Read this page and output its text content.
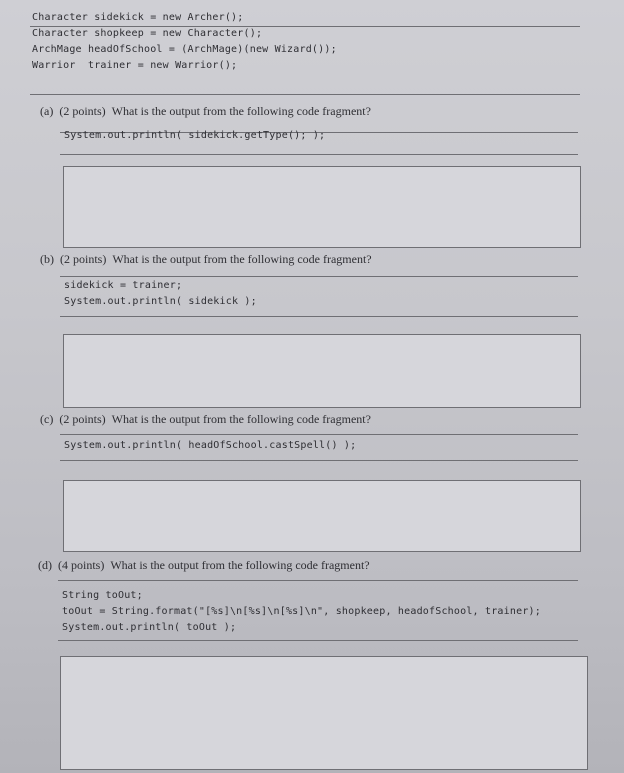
Character sidekick = new Archer();
Character shopkeep = new Character();
ArchMage headOfSchool = (ArchMage)(new Wizard());
Warrior  trainer = new Warrior();
(a) (2 points) What is the output from the following code fragment?
System.out.println( sidekick.getType(); );
(b) (2 points) What is the output from the following code fragment?
sidekick = trainer;
System.out.println( sidekick );
(c) (2 points) What is the output from the following code fragment?
System.out.println( headOfSchool.castSpell() );
(d) (4 points) What is the output from the following code fragment?
String toOut;
toOut = String.format("[%s]\n[%s]\n[%s]\n", shopkeep, headofSchool, trainer);
System.out.println( toOut );
